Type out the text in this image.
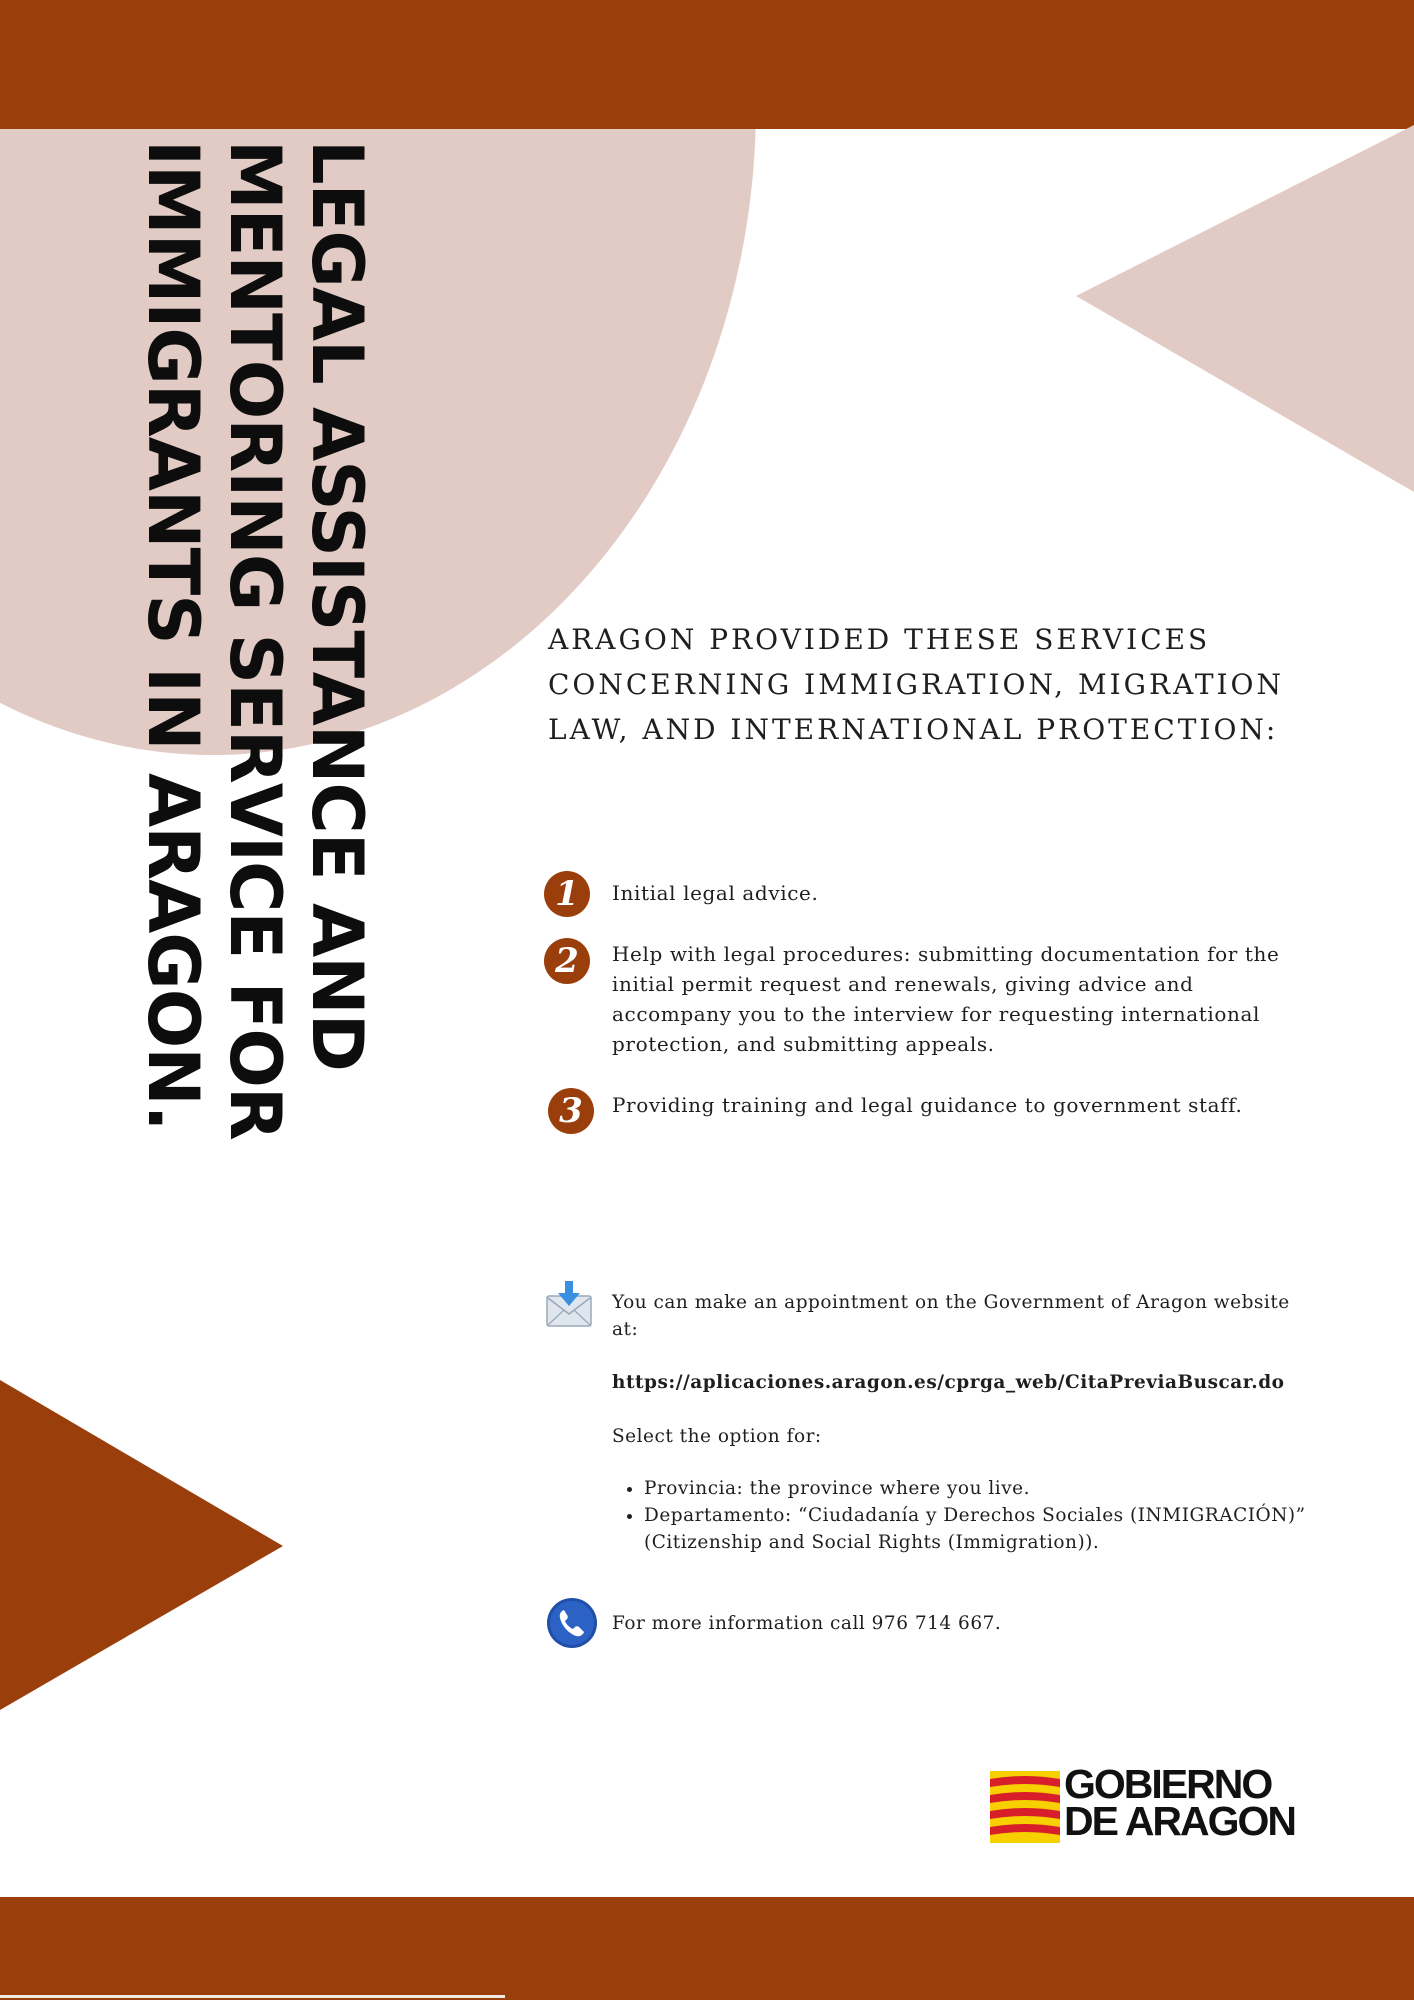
LEGAL ASSISTANCE AND
MENTORING SERVICE FOR
IMMIGRANTS IN ARAGON.	ARAGON PROVIDED THESE SERVICES
CONCERNING IMMIGRATION, MIGRATION
LAW, AND INTERNATIONAL PROTECTION:
1	Initial legal advice.
2	Help with legal procedures: submitting documentation for the initial permit request and renewals, giving advice and accompany you to the interview for requesting international protection, and submitting appeals.
3	Providing training and legal guidance to government staff.
You can make an appointment on the Government of Aragon website at:
https://aplicaciones.aragon.es/cprga_web/CitaPreviaBuscar.do
Select the option for:
• Provincia: the province where you live.
• Departamento: “Ciudadanía y Derechos Sociales (INMIGRACIÓN)” (Citizenship and Social Rights (Immigration)).
For more information call 976 714 667.
GOBIERNO
DE ARAGON
